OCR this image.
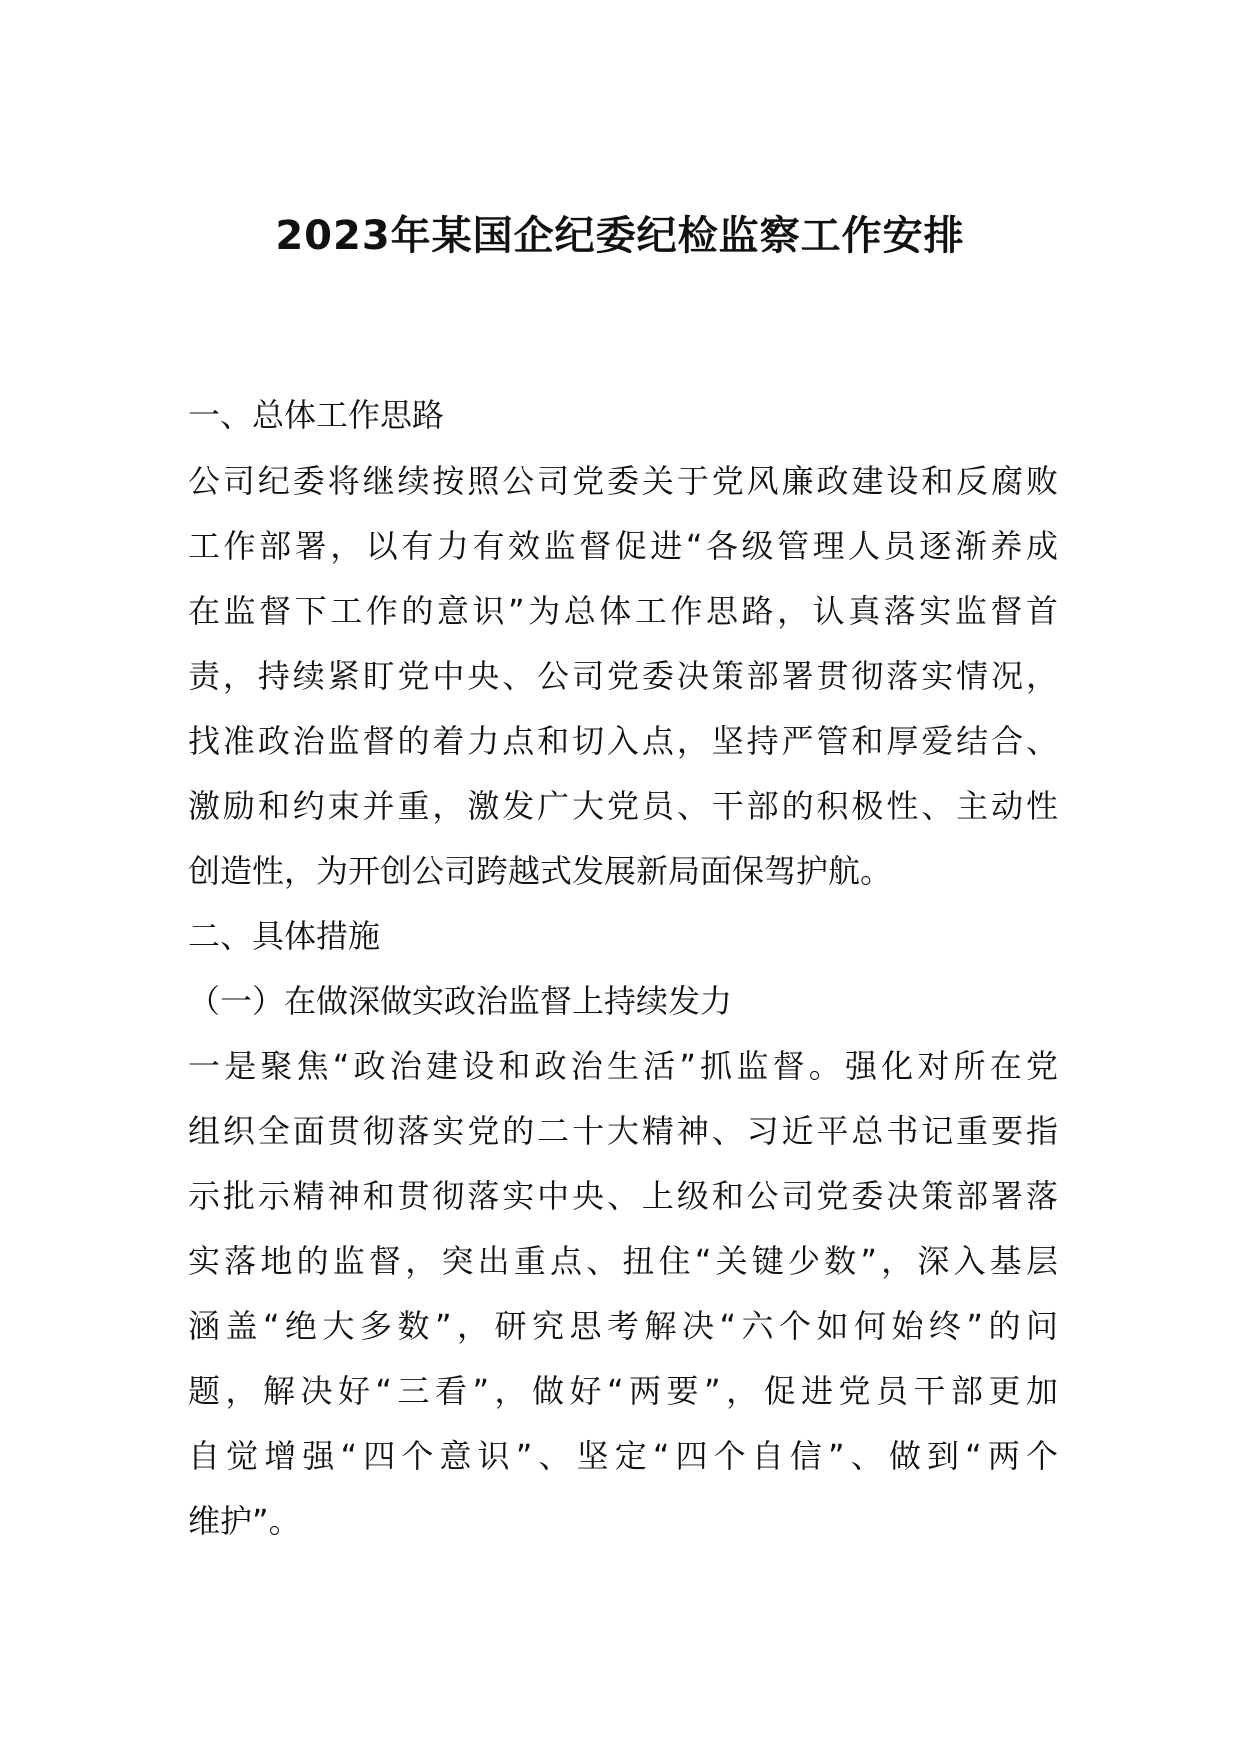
2023年某国企纪委纪检监察工作安排

一、总体工作思路

公司纪委将继续按照公司党委关于党风廉政建设和反腐败

工作部署，以有力有效监督促进“各级管理人员逐渐养成

在监督下工作的意识”为总体工作思路，认真落实监督首

责，持续紧盯党中央、公司党委决策部署贯彻落实情况，

找准政治监督的着力点和切入点，坚持严管和厚爱结合、

激励和约束并重，激发广大党员、干部的积极性、主动性

创造性，为开创公司跨越式发展新局面保驾护航。

二、具体措施

（一）在做深做实政治监督上持续发力

一是聚焦“政治建设和政治生活”抓监督。强化对所在党

组织全面贯彻落实党的二十大精神、习近平总书记重要指

示批示精神和贯彻落实中央、上级和公司党委决策部署落

实落地的监督，突出重点、扭住“关键少数”，深入基层

涵盖“绝大多数”，研究思考解决“六个如何始终”的问

题，解决好“三看”，做好“两要”，促进党员干部更加

自觉增强“四个意识”、坚定“四个自信”、做到“两个

维护”。
